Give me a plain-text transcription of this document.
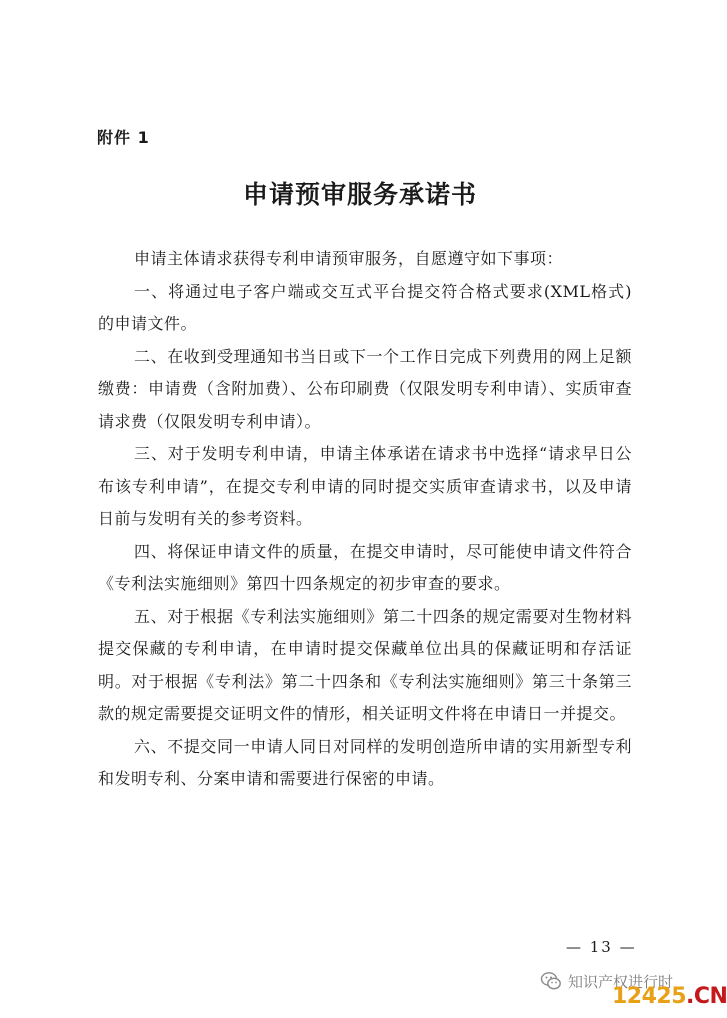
附件 1
申请预审服务承诺书

申请主体请求获得专利申请预审服务，自愿遵守如下事项：

一、将通过电子客户端或交互式平台提交符合格式要求(XML格式)的申请文件。

二、在收到受理通知书当日或下一个工作日完成下列费用的网上足额缴费：申请费（含附加费）、公布印刷费（仅限发明专利申请）、实质审查请求费（仅限发明专利申请）。

三、对于发明专利申请，申请主体承诺在请求书中选择“请求早日公布该专利申请”，在提交专利申请的同时提交实质审查请求书，以及申请日前与发明有关的参考资料。

四、将保证申请文件的质量，在提交申请时，尽可能使申请文件符合《专利法实施细则》第四十四条规定的初步审查的要求。

五、对于根据《专利法实施细则》第二十四条的规定需要对生物材料提交保藏的专利申请，在申请时提交保藏单位出具的保藏证明和存活证明。对于根据《专利法》第二十四条和《专利法实施细则》第三十条第三款的规定需要提交证明文件的情形，相关证明文件将在申请日一并提交。

六、不提交同一申请人同日对同样的发明创造所申请的实用新型专利和发明专利、分案申请和需要进行保密的申请。

— 13 —
知识产权进行时
12425.CN
